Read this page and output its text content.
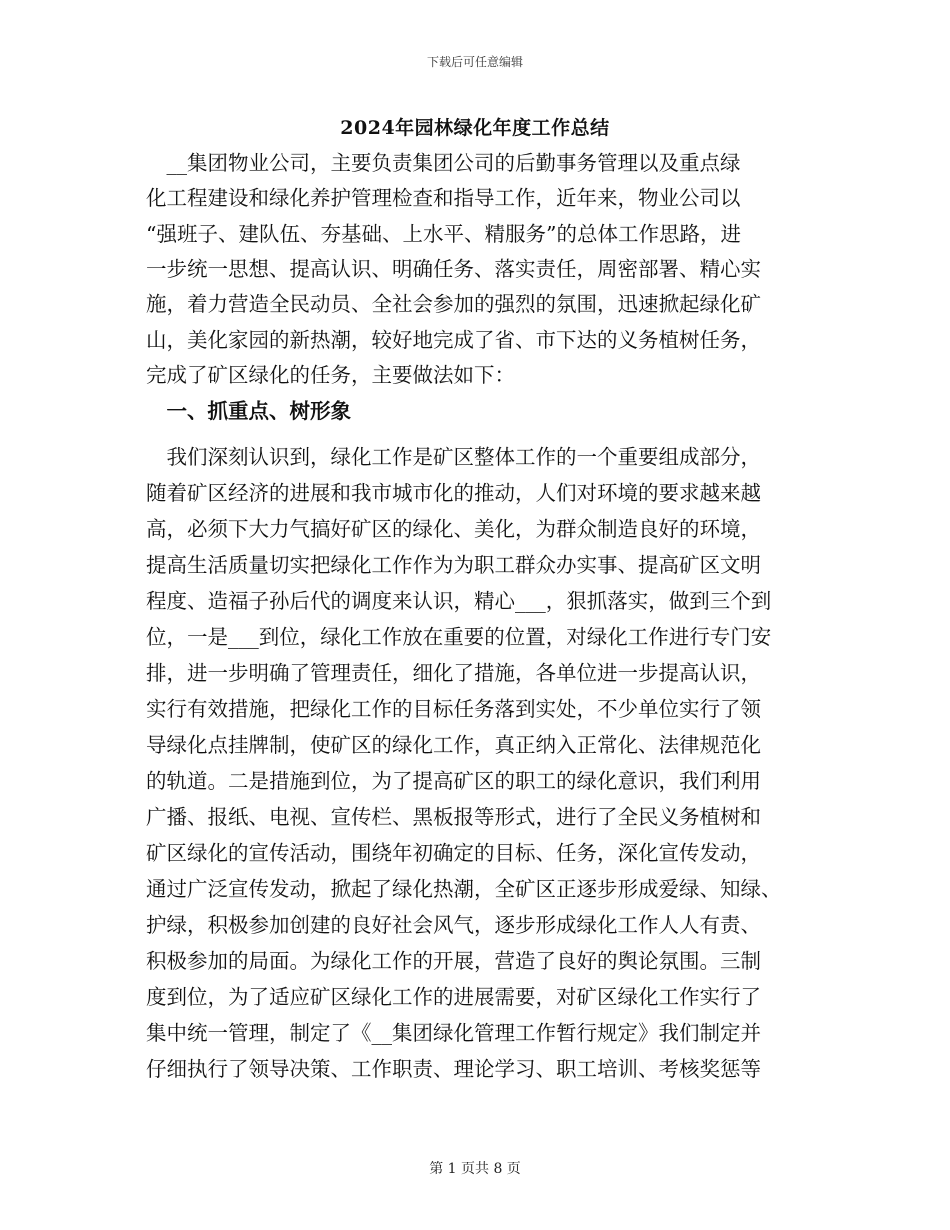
下载后可任意编辑
2024年园林绿化年度工作总结
　__集团物业公司，主要负责集团公司的后勤事务管理以及重点绿
化工程建设和绿化养护管理检查和指导工作，近年来，物业公司以
“强班子、建队伍、夯基础、上水平、精服务”的总体工作思路，进
一步统一思想、提高认识、明确任务、落实责任，周密部署、精心实
施，着力营造全民动员、全社会参加的强烈的氛围，迅速掀起绿化矿
山，美化家园的新热潮，较好地完成了省、市下达的义务植树任务，
完成了矿区绿化的任务，主要做法如下：
　一、抓重点、树形象
　我们深刻认识到，绿化工作是矿区整体工作的一个重要组成部分，
随着矿区经济的进展和我市城市化的推动，人们对环境的要求越来越
高，必须下大力气搞好矿区的绿化、美化，为群众制造良好的环境，
提高生活质量切实把绿化工作作为为职工群众办实事、提高矿区文明
程度、造福子孙后代的调度来认识，精心___，狠抓落实，做到三个到
位，一是___到位，绿化工作放在重要的位置，对绿化工作进行专门安
排，进一步明确了管理责任，细化了措施，各单位进一步提高认识，
实行有效措施，把绿化工作的目标任务落到实处，不少单位实行了领
导绿化点挂牌制，使矿区的绿化工作，真正纳入正常化、法律规范化
的轨道。二是措施到位，为了提高矿区的职工的绿化意识，我们利用
广播、报纸、电视、宣传栏、黑板报等形式，进行了全民义务植树和
矿区绿化的宣传活动，围绕年初确定的目标、任务，深化宣传发动，
通过广泛宣传发动，掀起了绿化热潮，全矿区正逐步形成爱绿、知绿、
护绿，积极参加创建的良好社会风气，逐步形成绿化工作人人有责、
积极参加的局面。为绿化工作的开展，营造了良好的舆论氛围。三制
度到位，为了适应矿区绿化工作的进展需要，对矿区绿化工作实行了
集中统一管理，制定了《__集团绿化管理工作暂行规定》我们制定并
仔细执行了领导决策、工作职责、理论学习、职工培训、考核奖惩等
第 1 页共 8 页
